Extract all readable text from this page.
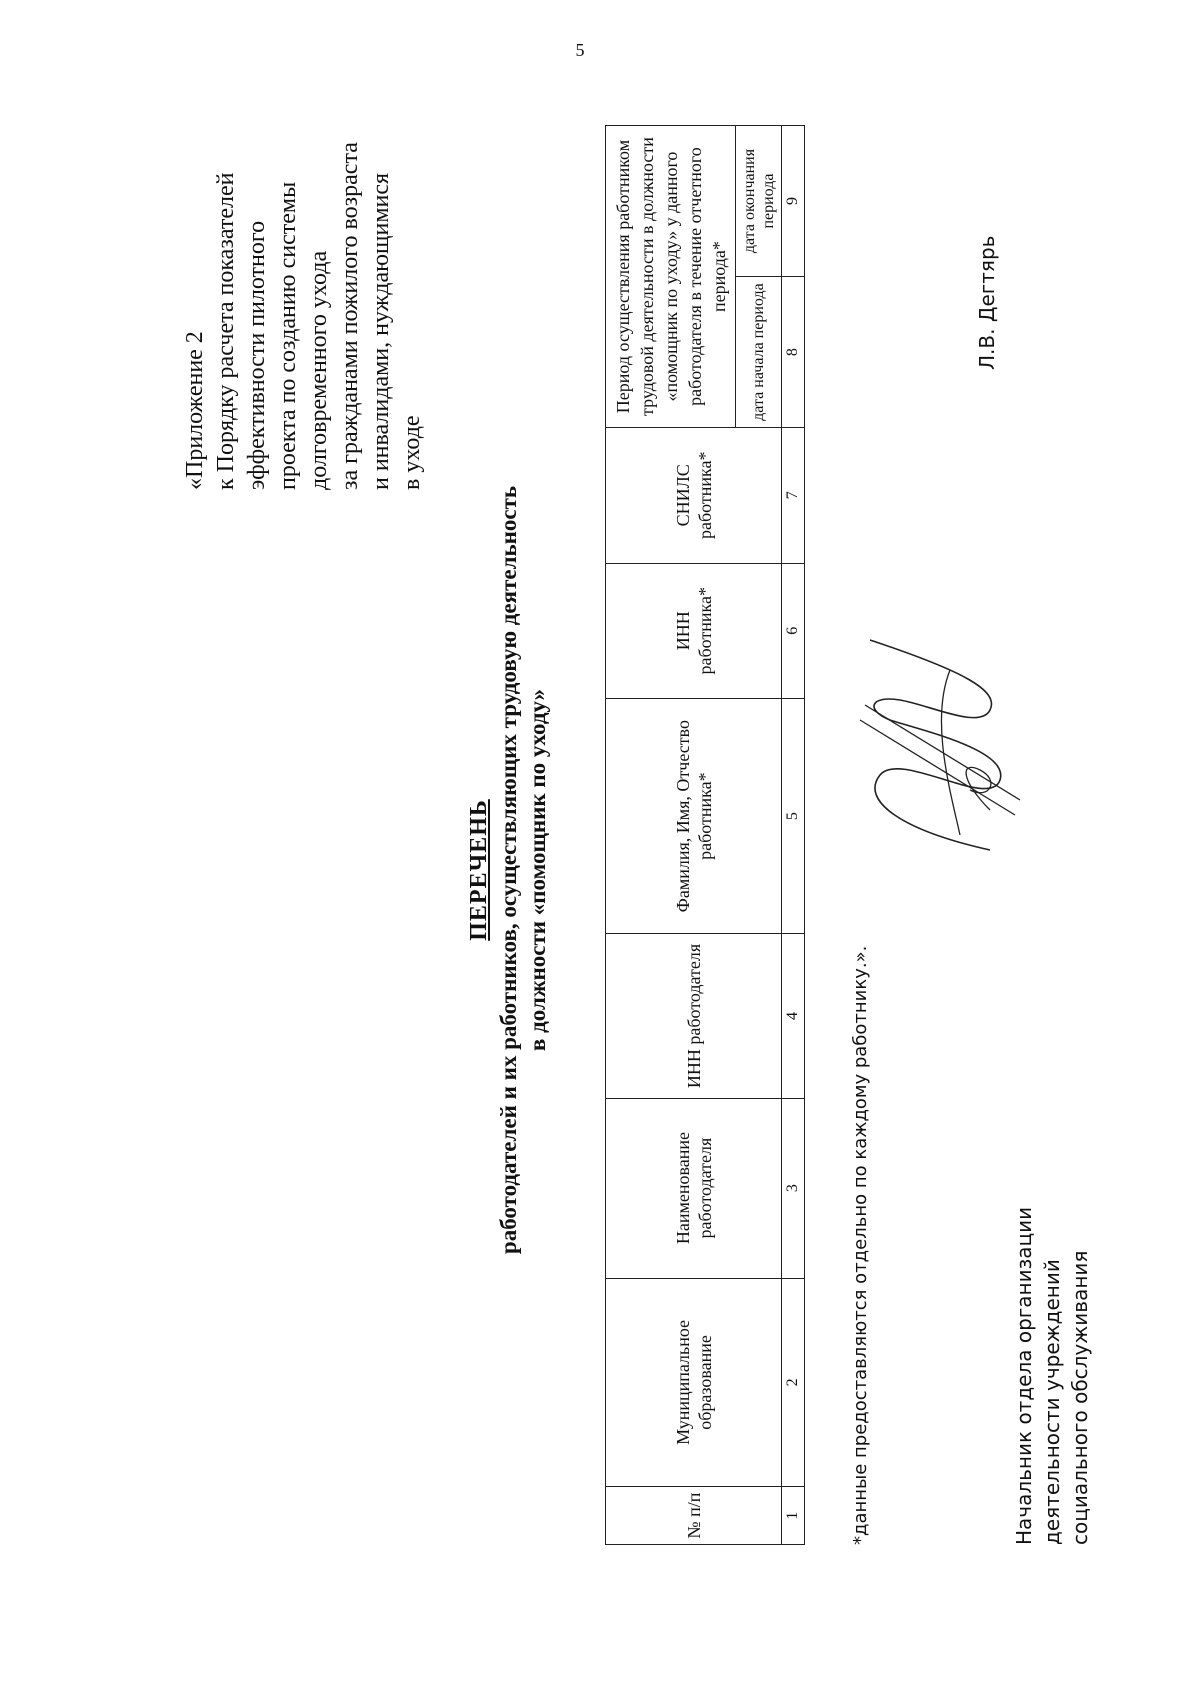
5
«Приложение 2 к Порядку расчета показателей эффективности пилотного проекта по созданию системы долговременного ухода за гражданами пожилого возраста и инвалидами, нуждающимися в уходе
ПЕРЕЧЕНЬ работодателей и их работников, осуществляющих трудовую деятельность в должности «помощник по уходу»
№ п/п	Муниципальное образование	Наименование работодателя	ИНН работодателя	Фамилия, Имя, Отчество работника*	ИНН работника*	СНИЛС работника*	Период осуществления работником трудовой деятельности в должности «помощник по уходу» у данного работодателя в течение отчетного периода*	
							дата начала периода	дата окончания периода
1	2	3	4	5	6	7	8	9
*данные предоставляются отдельно по каждому работнику.».	Начальник отдела организации деятельности учреждений социального обслуживания
Л.В. Дегтярь
